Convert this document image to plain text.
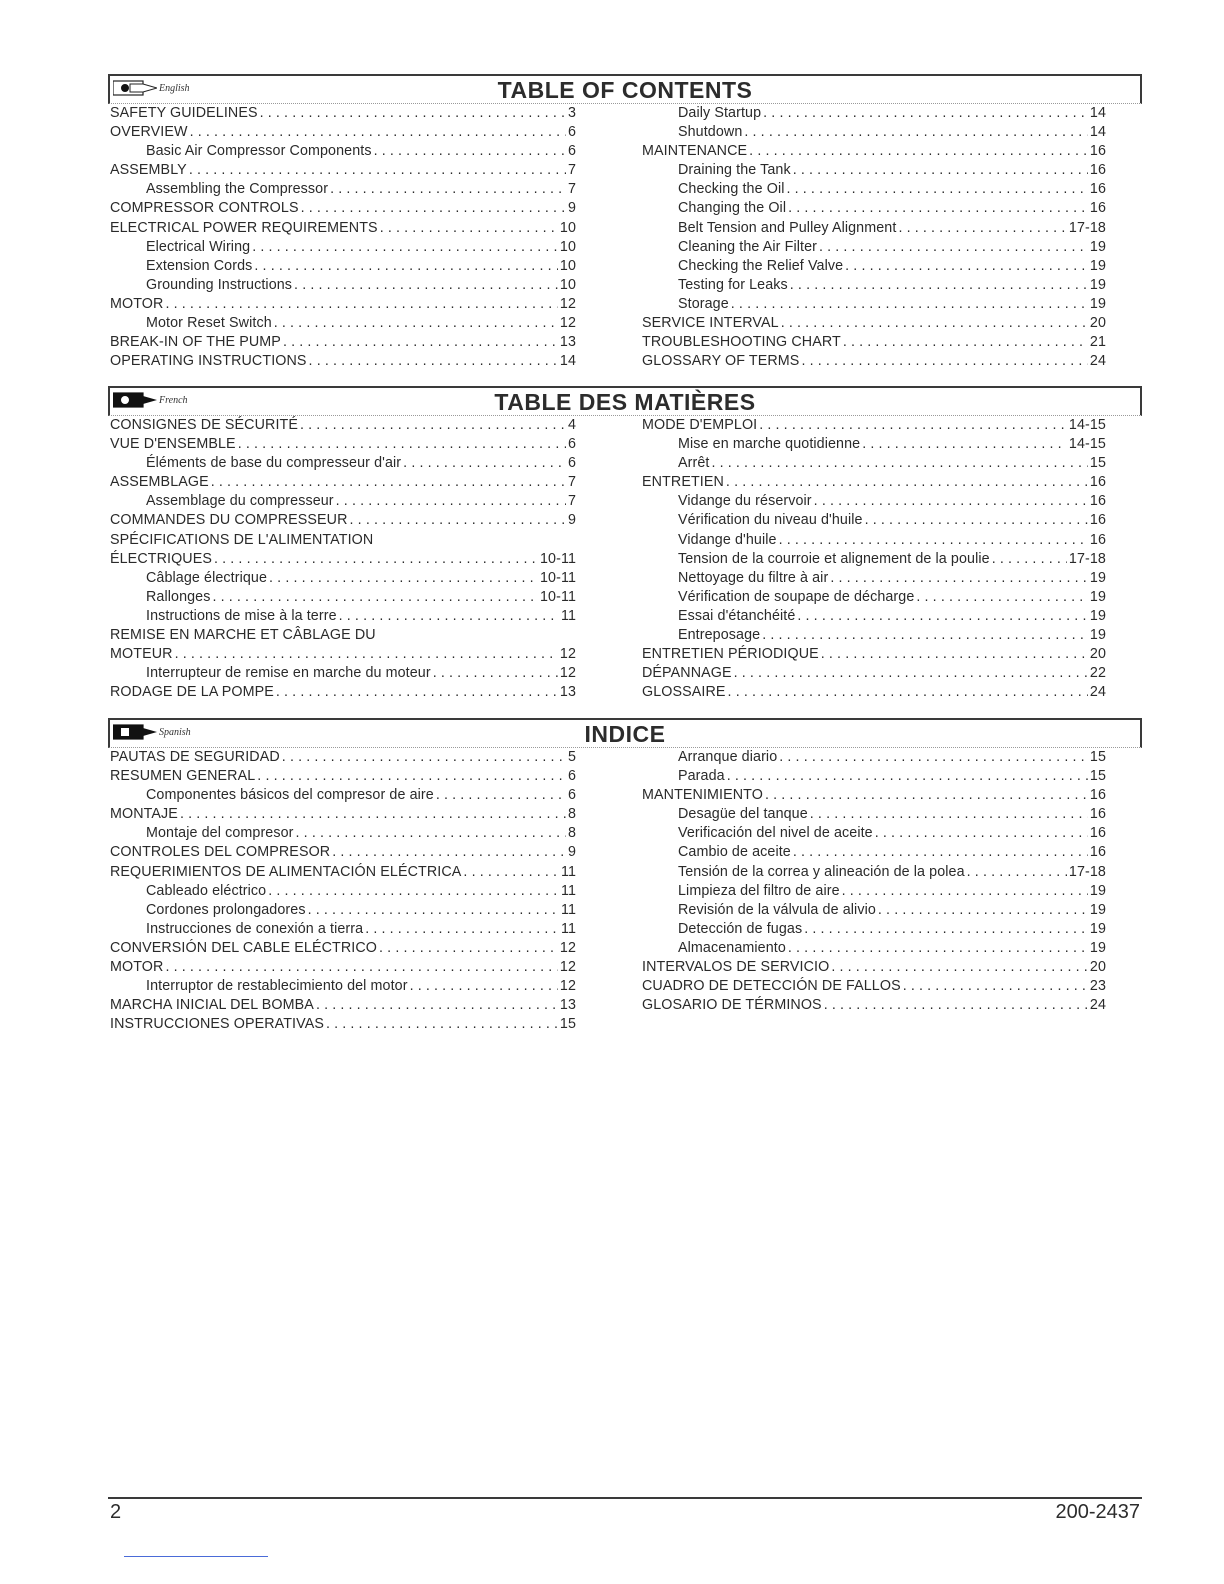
English	TABLE OF CONTENTS
SAFETY GUIDELINES . . .	3
OVERVIEW . . .	6
Basic Air Compressor Components . . .	6
ASSEMBLY . . .	7
Assembling the Compressor . . .	7
COMPRESSOR CONTROLS . . .	9
ELECTRICAL POWER REQUIREMENTS . . .	10
Electrical Wiring . . .	10
Extension Cords . . .	10
Grounding Instructions . . .	10
MOTOR . . .	12
Motor Reset Switch . . .	12
BREAK-IN OF THE PUMP . . .	13
OPERATING INSTRUCTIONS . . .	14
Daily Startup . . .	14
Shutdown . . .	14
MAINTENANCE . . .	16
Draining the Tank . . .	16
Checking the Oil . . .	16
Changing the Oil . . .	16
Belt Tension and Pulley Alignment . . .	17-18
Cleaning the Air Filter . . .	19
Checking the Relief Valve . . .	19
Testing for Leaks . . .	19
Storage . . .	19
SERVICE INTERVAL . . .	20
TROUBLESHOOTING CHART . . .	21
GLOSSARY OF TERMS . . .	24
French	TABLE DES MATIÈRES
CONSIGNES DE SÉCURITÉ . . .	4
VUE D'ENSEMBLE . . .	6
Éléments de base du compresseur d'air . . .	6
ASSEMBLAGE . . .	7
Assemblage du compresseur . . .	7
COMMANDES DU COMPRESSEUR . . .	9
SPÉCIFICATIONS DE L'ALIMENTATION
ÉLECTRIQUES . . .	10-11
Câblage électrique . . .	10-11
Rallonges . . .	10-11
Instructions de mise à la terre . . .	11
REMISE EN MARCHE ET CÂBLAGE DU
MOTEUR . . .	12
Interrupteur de remise en marche du moteur . . .	12
RODAGE DE LA POMPE . . .	13
MODE D'EMPLOI . . .	14-15
Mise en marche quotidienne . . .	14-15
Arrêt . . .	15
ENTRETIEN . . .	16
Vidange du réservoir . . .	16
Vérification du niveau d'huile . . .	16
Vidange d'huile . . .	16
Tension de la courroie et alignement de la poulie . . .	17-18
Nettoyage du filtre à air . . .	19
Vérification de soupape de décharge . . .	19
Essai d'étanchéité . . .	19
Entreposage . . .	19
ENTRETIEN PÉRIODIQUE . . .	20
DÉPANNAGE . . .	22
GLOSSAIRE . . .	24
Spanish	INDICE
PAUTAS DE SEGURIDAD . . .	5
RESUMEN GENERAL . . .	6
Componentes básicos del compresor de aire . . .	6
MONTAJE . . .	8
Montaje del compresor . . .	8
CONTROLES DEL COMPRESOR . . .	9
REQUERIMIENTOS DE ALIMENTACIÓN ELÉCTRICA . . .	11
Cableado eléctrico . . .	11
Cordones prolongadores . . .	11
Instrucciones de conexión a tierra . . .	11
CONVERSIÓN DEL CABLE ELÉCTRICO . . .	12
MOTOR . . .	12
Interruptor de restablecimiento del motor . . .	12
MARCHA INICIAL DEL BOMBA . . .	13
INSTRUCCIONES OPERATIVAS . . .	15
Arranque diario . . .	15
Parada . . .	15
MANTENIMIENTO . . .	16
Desagüe del tanque . . .	16
Verificación del nivel de aceite . . .	16
Cambio de aceite . . .	16
Tensión de la correa y alineación de la polea . . .	17-18
Limpieza del filtro de aire . . .	19
Revisión de la válvula de alivio . . .	19
Detección de fugas . . .	19
Almacenamiento . . .	19
INTERVALOS DE SERVICIO . . .	20
CUADRO DE DETECCIÓN DE FALLOS . . .	23
GLOSARIO DE TÉRMINOS . . .	24
2	200-2437
